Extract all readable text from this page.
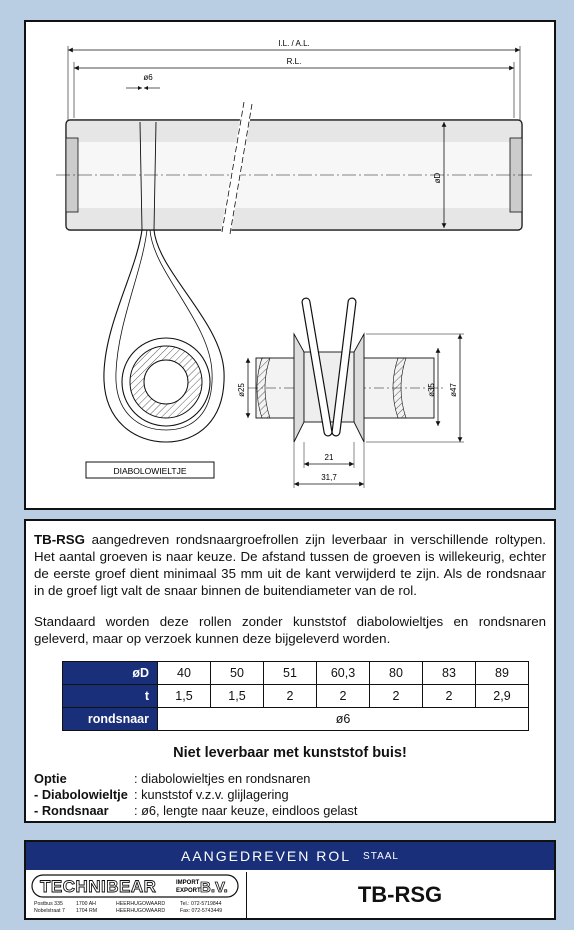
I.L. / A.L.
R.L.
ø6
øD
DIABOLOWIELTJE
ø25	ø35 ø47
21
31,7

TB-RSG aangedreven rondsnaargroefrollen zijn leverbaar in verschillende roltypen. Het aantal groeven is naar keuze. De afstand tussen de groeven is willekeurig, echter de eerste groef dient minimaal 35 mm uit de kant verwijderd te zijn. Als de rondsnaar in de groef ligt valt de snaar binnen de buitendiameter van de rol.

Standaard worden deze rollen zonder kunststof diabolowieltjes en rondsnaren geleverd, maar op verzoek kunnen deze bijgeleverd worden.

øD	40	50	51	60,3	80	83	89
t	1,5	1,5	2	2	2	2	2,9
rondsnaar	ø6						
Niet leverbaar met kunststof buis!
Optie	: diabolowieltjes en rondsnaren
- Diabolowieltje : kunststof v.z.v. glijlagering
- Rondsnaar	: ø6, lengte naar keuze, eindloos gelast
AANGEDREVEN ROL STAAL
TECHNIBEAR	IMPORT
EXPORT B.V.
Postbus 335	1700 AH	HEERHUGOWAARD	Tel.: 072-5719844
Nobelstraat 7 1704 RM	HEERHUGOWAARD	Fax: 072-5743449
TB-RSG
